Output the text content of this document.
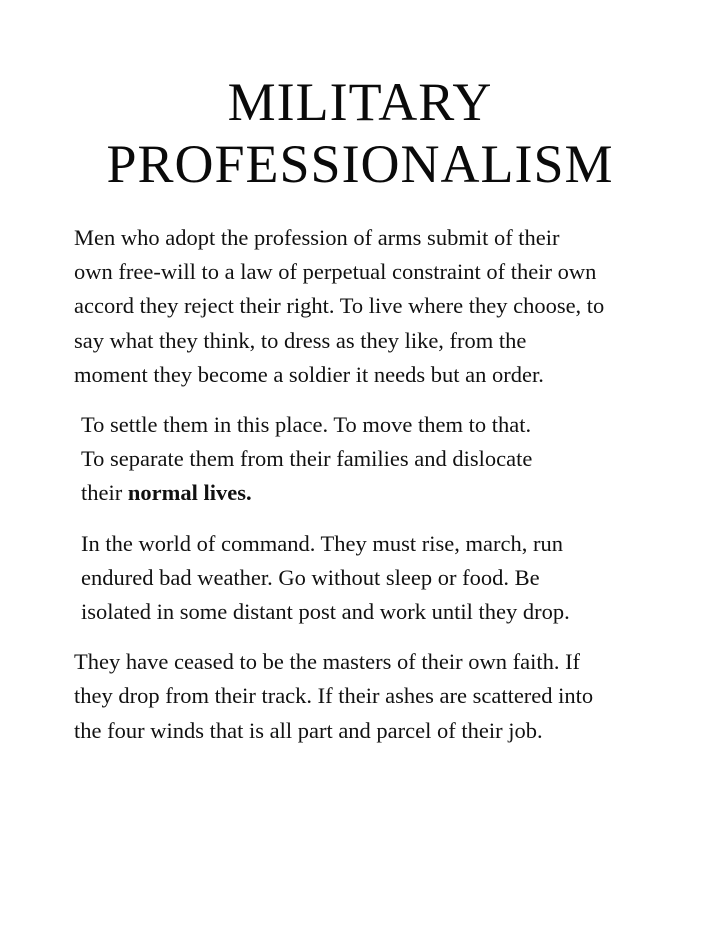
MILITARY
PROFESSIONALISM

Men who adopt the profession of arms submit of their
own free-will to a law of perpetual constraint of their own
accord they reject their right. To live where they choose, to
say what they think, to dress as they like, from the
moment they become a soldier it needs but an order.

To settle them in this place. To move them to that.
To separate them from their families and dislocate
their normal lives.

In the world of command. They must rise, march, run
endured bad weather. Go without sleep or food. Be
isolated in some distant post and work until they drop.

They have ceased to be the masters of their own faith. If
they drop from their track. If their ashes are scattered into
the four winds that is all part and parcel of their job.
